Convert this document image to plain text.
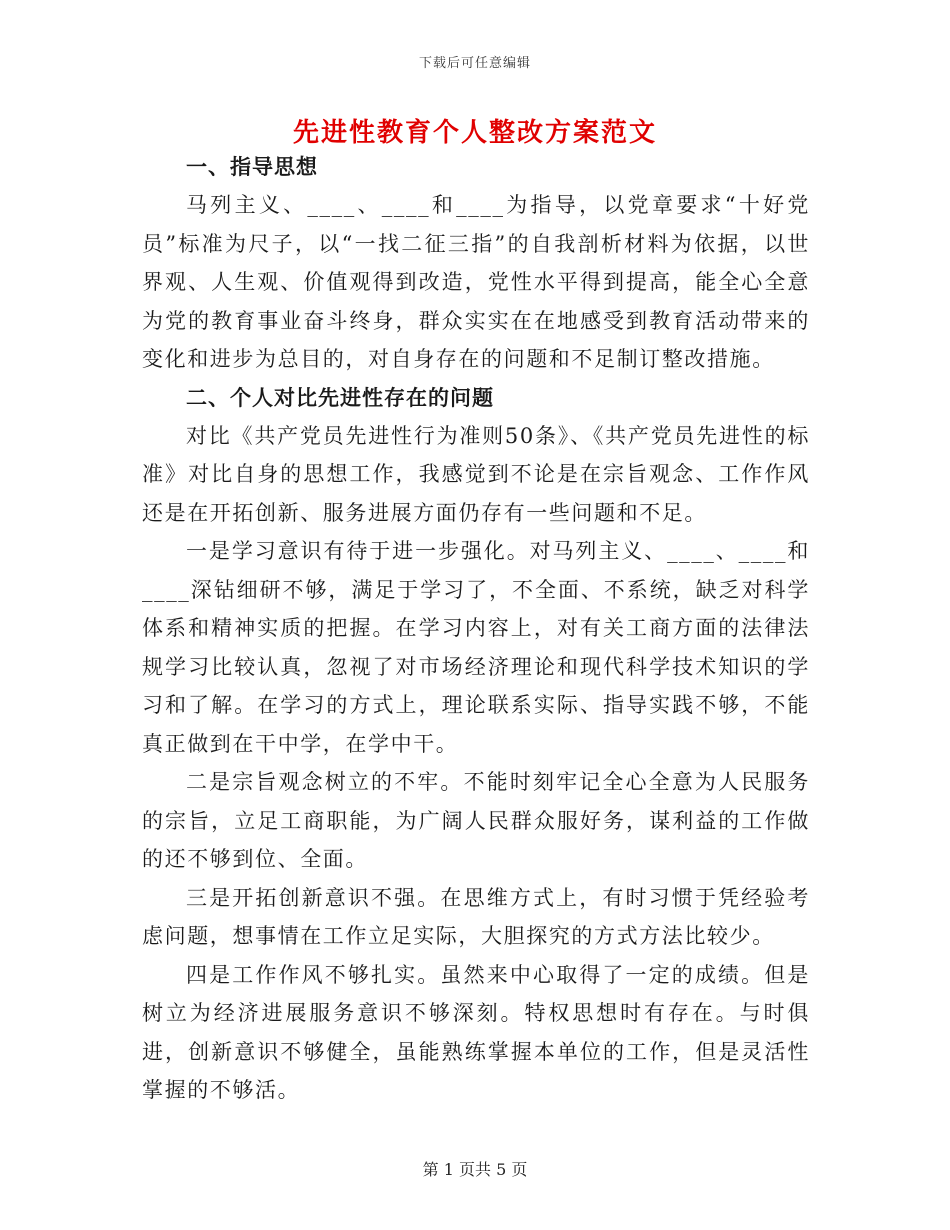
下载后可任意编辑
先进性教育个人整改方案范文

一、指导思想

马列主义、____、____和____为指导，以党章要求“十好党员”标准为尺子，以“一找二征三指”的自我剖析材料为依据，以世界观、人生观、价值观得到改造，党性水平得到提高，能全心全意为党的教育事业奋斗终身，群众实实在在地感受到教育活动带来的变化和进步为总目的，对自身存在的问题和不足制订整改措施。

二、个人对比先进性存在的问题

对比《共产党员先进性行为准则50条》、《共产党员先进性的标准》对比自身的思想工作，我感觉到不论是在宗旨观念、工作作风还是在开拓创新、服务进展方面仍存有一些问题和不足。

一是学习意识有待于进一步强化。对马列主义、____、____和____深钻细研不够，满足于学习了，不全面、不系统，缺乏对科学体系和精神实质的把握。在学习内容上，对有关工商方面的法律法规学习比较认真，忽视了对市场经济理论和现代科学技术知识的学习和了解。在学习的方式上，理论联系实际、指导实践不够，不能真正做到在干中学，在学中干。

二是宗旨观念树立的不牢。不能时刻牢记全心全意为人民服务的宗旨，立足工商职能，为广阔人民群众服好务，谋利益的工作做的还不够到位、全面。

三是开拓创新意识不强。在思维方式上，有时习惯于凭经验考虑问题，想事情在工作立足实际，大胆探究的方式方法比较少。

四是工作作风不够扎实。虽然来中心取得了一定的成绩。但是树立为经济进展服务意识不够深刻。特权思想时有存在。与时俱进，创新意识不够健全，虽能熟练掌握本单位的工作，但是灵活性掌握的不够活。

第 1 页共 5 页
